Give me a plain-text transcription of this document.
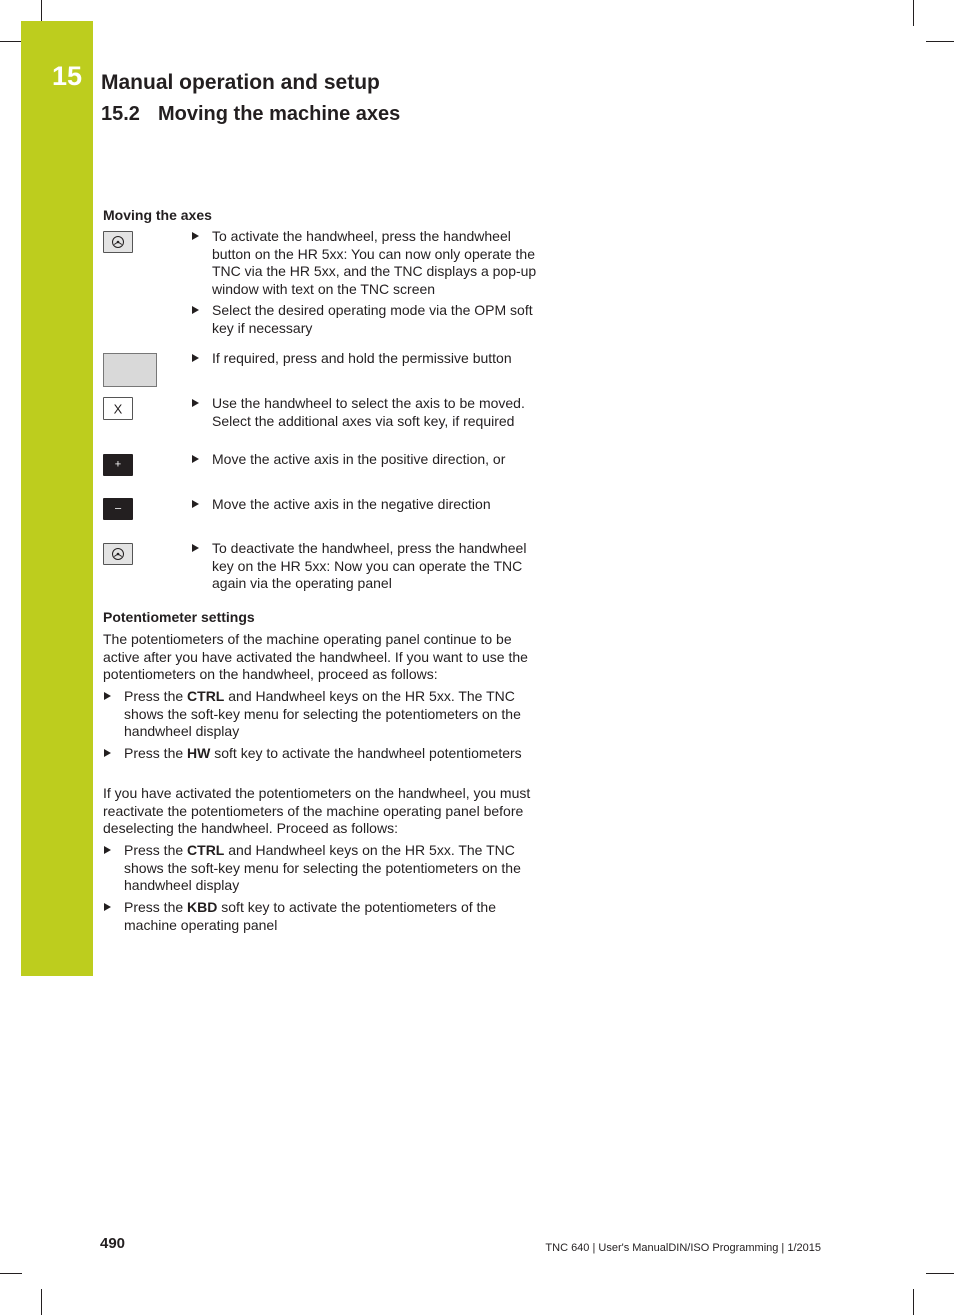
15 Manual operation and setup
15.2 Moving the machine axes
Moving the axes
To activate the handwheel, press the handwheel button on the HR 5xx: You can now only operate the TNC via the HR 5xx, and the TNC displays a pop-up window with text on the TNC screen
Select the desired operating mode via the OPM soft key if necessary
If required, press and hold the permissive button
X	Use the handwheel to select the axis to be moved. Select the additional axes via soft key, if required
+	Move the active axis in the positive direction, or
–	Move the active axis in the negative direction
To deactivate the handwheel, press the handwheel key on the HR 5xx: Now you can operate the TNC again via the operating panel
Potentiometer settings

The potentiometers of the machine operating panel continue to be active after you have activated the handwheel. If you want to use the potentiometers on the handwheel, proceed as follows:

Press the CTRL and Handwheel keys on the HR 5xx. The TNC shows the soft-key menu for selecting the potentiometers on the handwheel display
Press the HW soft key to activate the handwheel potentiometers

If you have activated the potentiometers on the handwheel, you must reactivate the potentiometers of the machine operating panel before deselecting the handwheel. Proceed as follows:

Press the CTRL and Handwheel keys on the HR 5xx. The TNC shows the soft-key menu for selecting the potentiometers on the handwheel display
Press the KBD soft key to activate the potentiometers of the machine operating panel
490	TNC 640 | User's ManualDIN/ISO Programming | 1/2015
